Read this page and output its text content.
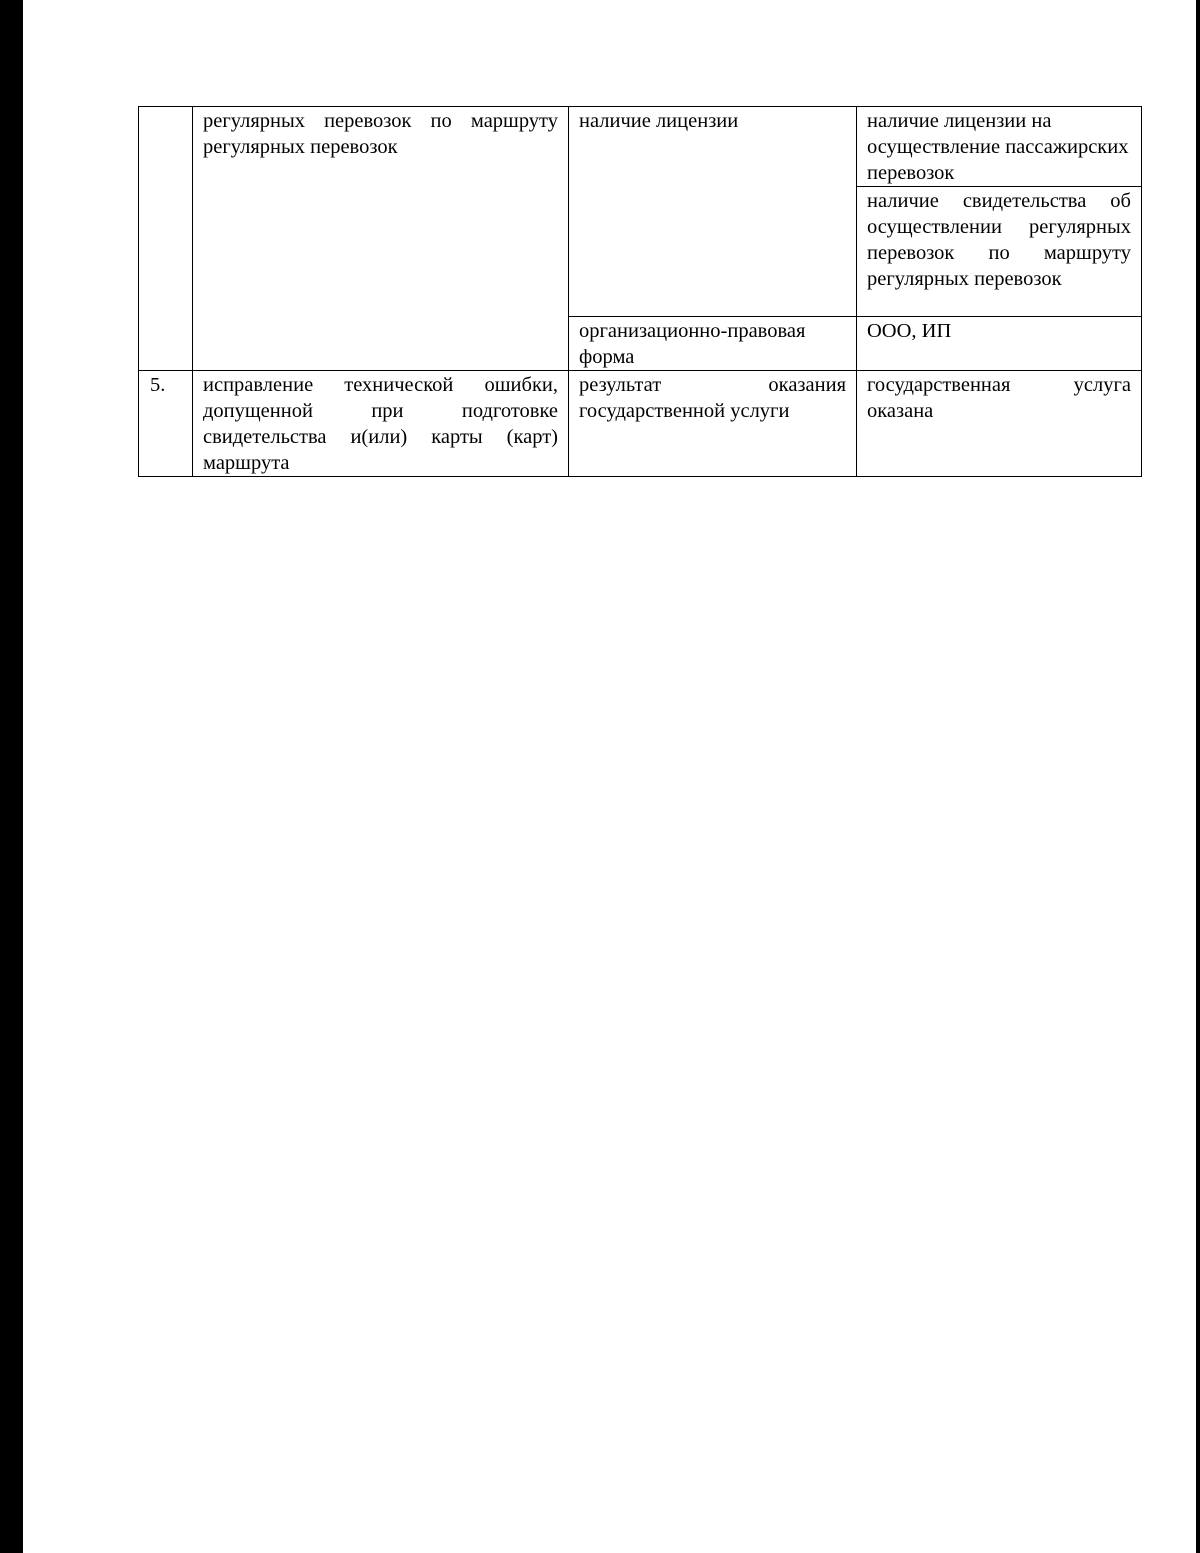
	регулярных перевозок по маршруту регулярных перевозок	наличие лицензии	наличие лицензии на осуществление пассажирских перевозок
			наличие свидетельства об осуществлении регулярных перевозок по маршруту регулярных перевозок
		организационно-правовая форма	ООО, ИП
5.	исправление технической ошибки, допущенной при подготовке свидетельства и(или) карты (карт) маршрута	результат оказания государственной услуги	государственная услуга оказана
